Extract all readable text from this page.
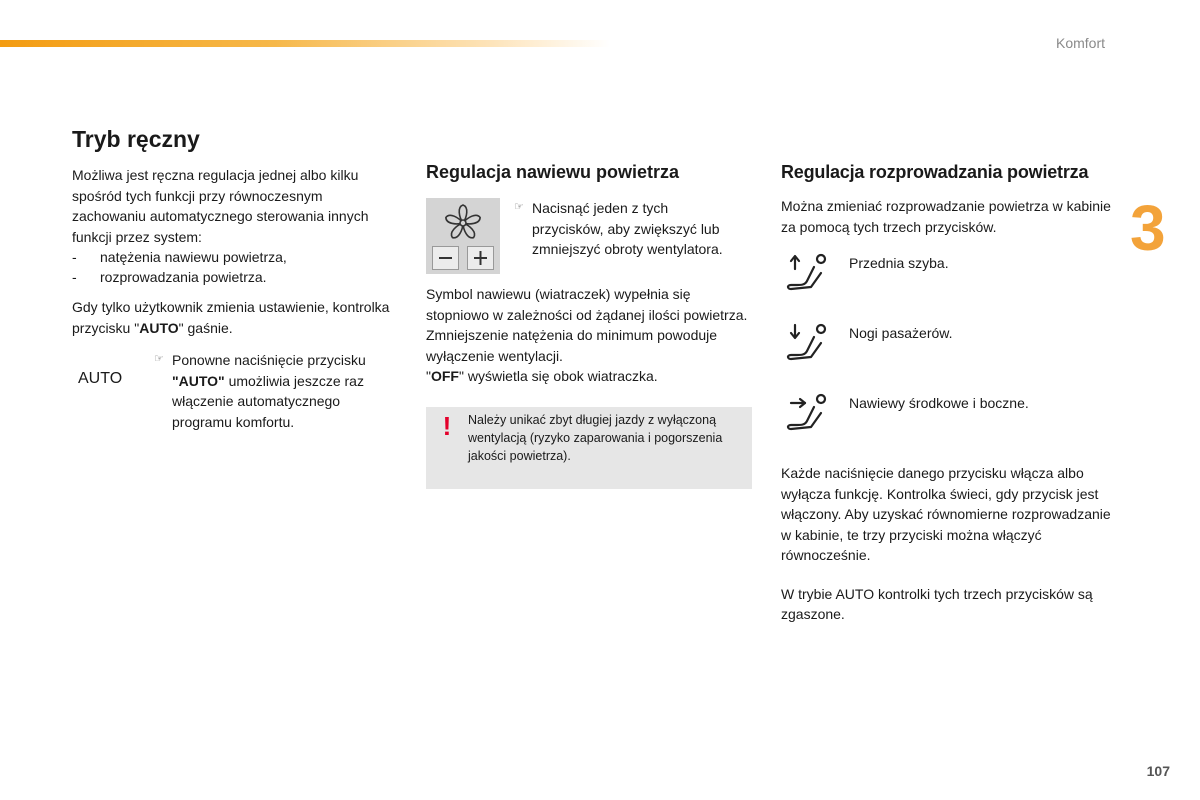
Komfort
3
107
Tryb ręczny

Możliwa jest ręczna regulacja jednej albo kilku spośród tych funkcji przy równoczesnym zachowaniu automatycznego sterowania innych funkcji przez system:

-	natężenia nawiewu powietrza,
-	rozprowadzania powietrza.

Gdy tylko użytkownik zmienia ustawienie, kontrolka przycisku "AUTO" gaśnie.

AUTO
☞ Ponowne naciśnięcie przycisku "AUTO" umożliwia jeszcze raz włączenie automatycznego programu komfortu.

Regulacja nawiewu powietrza
☞ Nacisnąć jeden z tych przycisków, aby zwiększyć lub zmniejszyć obroty wentylatora.

Symbol nawiewu (wiatraczek) wypełnia się stopniowo w zależności od żądanej ilości powietrza.

Zmniejszenie natężenia do minimum powoduje wyłączenie wentylacji.

"OFF" wyświetla się obok wiatraczka.

!	Należy unikać zbyt długiej jazdy z wyłączoną wentylacją (ryzyko zaparowania i pogorszenia jakości powietrza).
Regulacja rozprowadzania powietrza

Można zmieniać rozprowadzanie powietrza w kabinie za pomocą tych trzech przycisków.

Przednia szyba.
Nogi pasażerów.
Nawiewy środkowe i boczne.

Każde naciśnięcie danego przycisku włącza albo wyłącza funkcję. Kontrolka świeci, gdy przycisk jest włączony. Aby uzyskać równomierne rozprowadzanie w kabinie, te trzy przyciski można włączyć równocześnie.

W trybie AUTO kontrolki tych trzech przycisków są zgaszone.
